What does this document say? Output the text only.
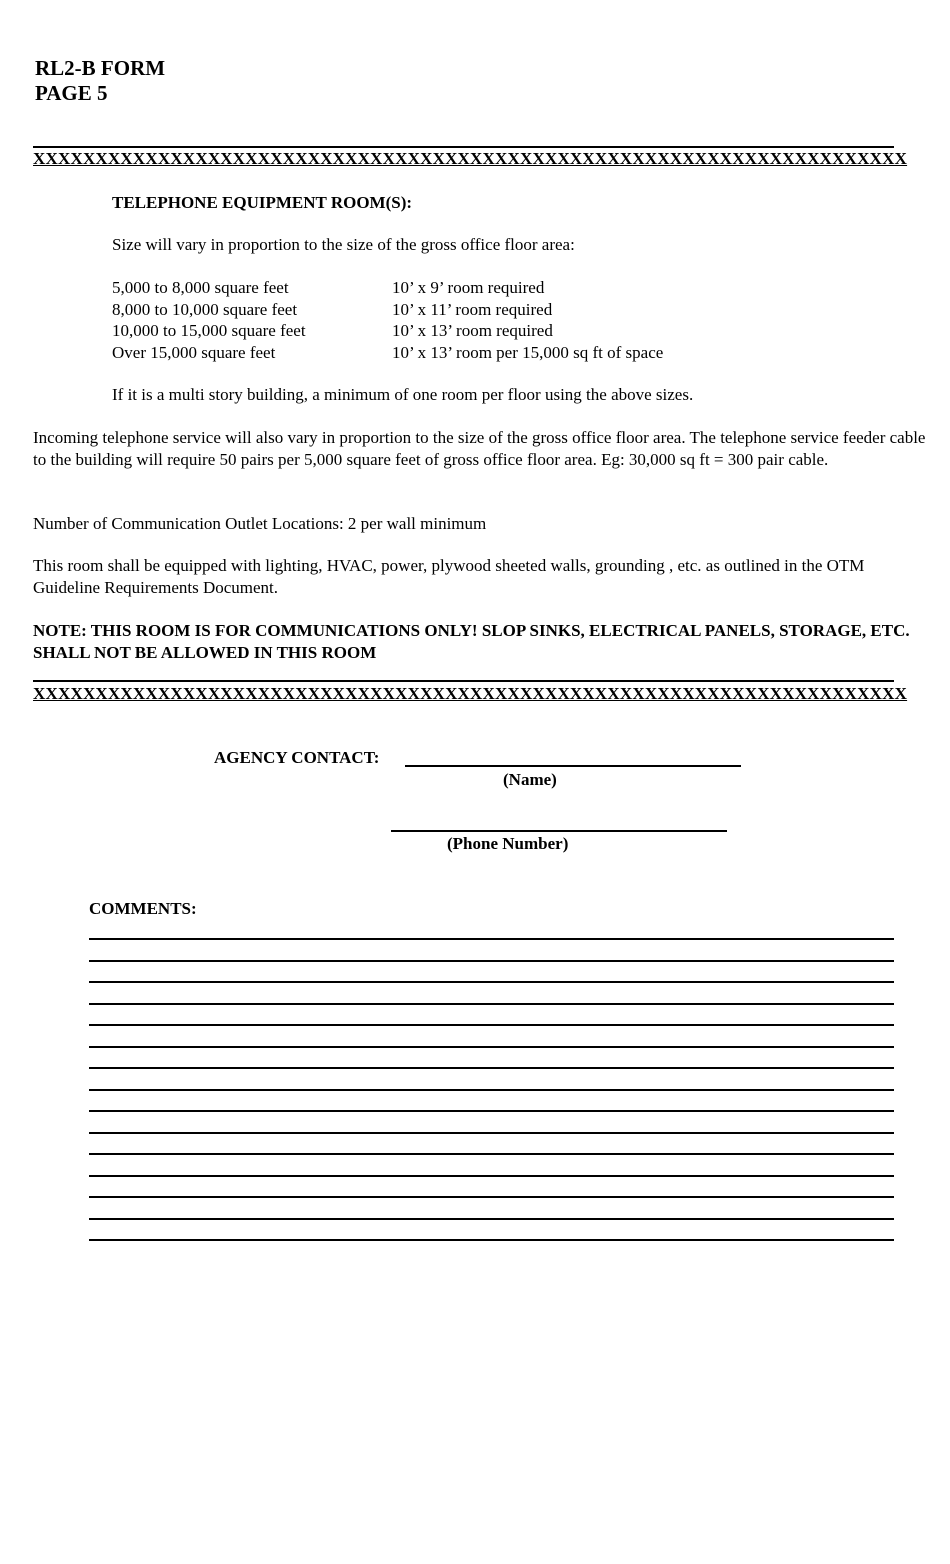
RL2-B FORM
PAGE 5
XXXXXXXXXXXXXXXXXXXXXXXXXXXXXXXXXXXXXXXXXXXXXXXXXXXXXXXXXXXXXXXXXXXXXX
TELEPHONE EQUIPMENT ROOM(S):
Size will vary in proportion to the size of the gross office floor area:
5,000 to 8,000 square feet	10’ x 9’ room required
8,000 to 10,000 square feet	10’ x 11’ room required
10,000 to 15,000 square feet	10’ x 13’ room required
Over 15,000 square feet	10’ x 13’ room per 15,000 sq ft of space
If it is a multi story building, a minimum of one room per floor using the above sizes.
Incoming telephone service will also vary in proportion to the size of the gross office floor area. The telephone service feeder cable to the building will require 50 pairs per 5,000 square feet of gross office floor area. Eg: 30,000 sq ft = 300 pair cable.
Number of Communication Outlet Locations: 2 per wall minimum
This room shall be equipped with lighting, HVAC, power, plywood sheeted walls, grounding , etc. as outlined in the OTM Guideline Requirements Document.
NOTE: THIS ROOM IS FOR COMMUNICATIONS ONLY! SLOP SINKS, ELECTRICAL PANELS, STORAGE, ETC. SHALL NOT BE ALLOWED IN THIS ROOM
XXXXXXXXXXXXXXXXXXXXXXXXXXXXXXXXXXXXXXXXXXXXXXXXXXXXXXXXXXXXXXXXXXXXXX
AGENCY CONTACT:
(Name)
(Phone Number)
COMMENTS:
